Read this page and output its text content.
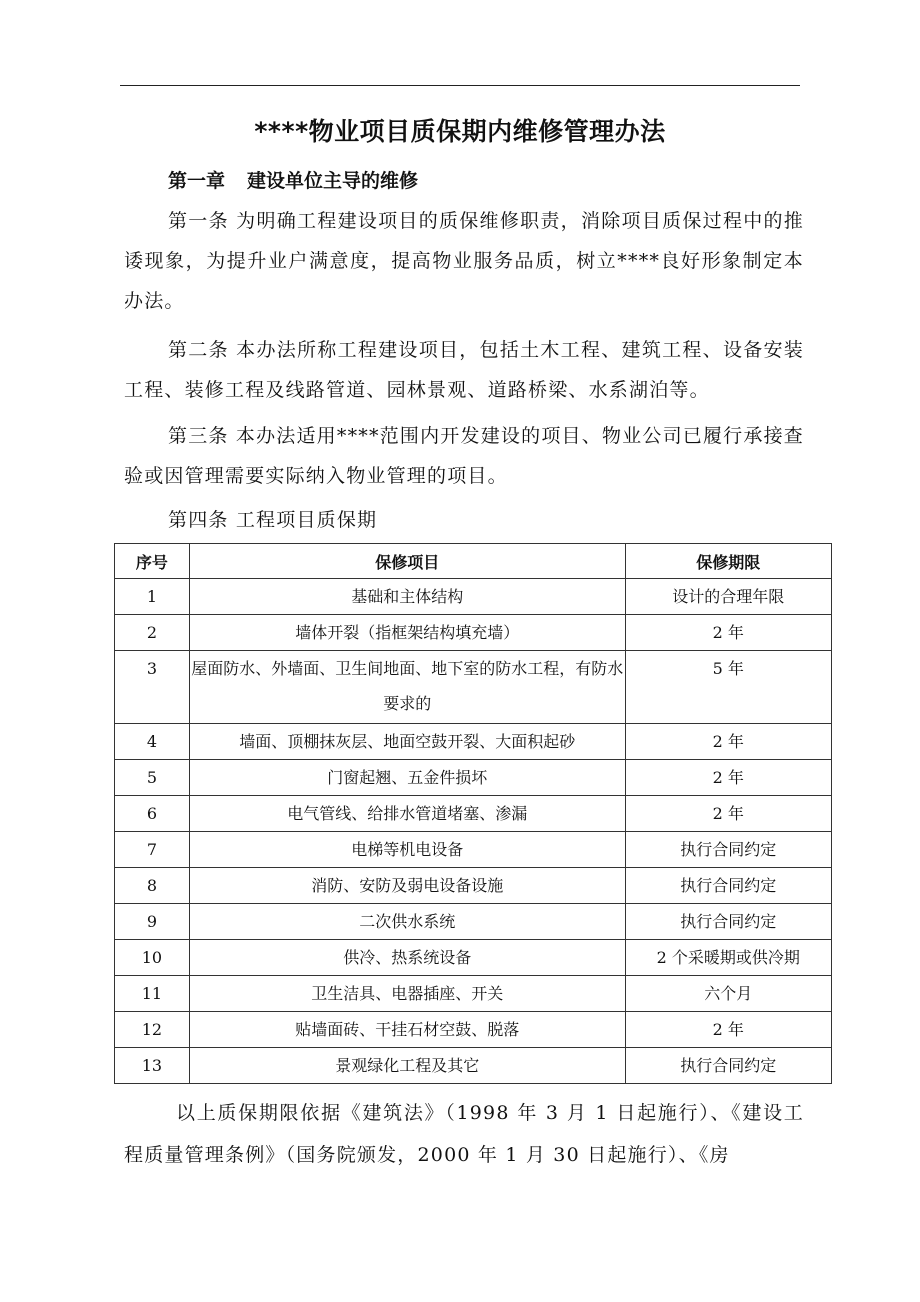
****物业项目质保期内维修管理办法
第一章 建设单位主导的维修
第一条 为明确工程建设项目的质保维修职责，消除项目质保过程中的推诿现象，为提升业户满意度，提高物业服务品质，树立****良好形象制定本办法。
第二条 本办法所称工程建设项目，包括土木工程、建筑工程、设备安装工程、装修工程及线路管道、园林景观、道路桥梁、水系湖泊等。
第三条 本办法适用****范围内开发建设的项目、物业公司已履行承接查验或因管理需要实际纳入物业管理的项目。
第四条 工程项目质保期
序号	保修项目	保修期限
1	基础和主体结构	设计的合理年限
2	墙体开裂（指框架结构填充墙）	2 年
3	屋面防水、外墙面、卫生间地面、地下室的防水工程，有防水要求的	5 年
4	墙面、顶棚抹灰层、地面空鼓开裂、大面积起砂	2 年
5	门窗起翘、五金件损坏	2 年
6	电气管线、给排水管道堵塞、渗漏	2 年
7	电梯等机电设备	执行合同约定
8	消防、安防及弱电设备设施	执行合同约定
9	二次供水系统	执行合同约定
10	供冷、热系统设备	2 个采暖期或供冷期
11	卫生洁具、电器插座、开关	六个月
12	贴墙面砖、干挂石材空鼓、脱落	2 年
13	景观绿化工程及其它	执行合同约定
以上质保期限依据《建筑法》（1998 年 3 月 1 日起施行）、《建设工程质量管理条例》（国务院颁发，2000 年 1 月 30 日起施行）、《房
